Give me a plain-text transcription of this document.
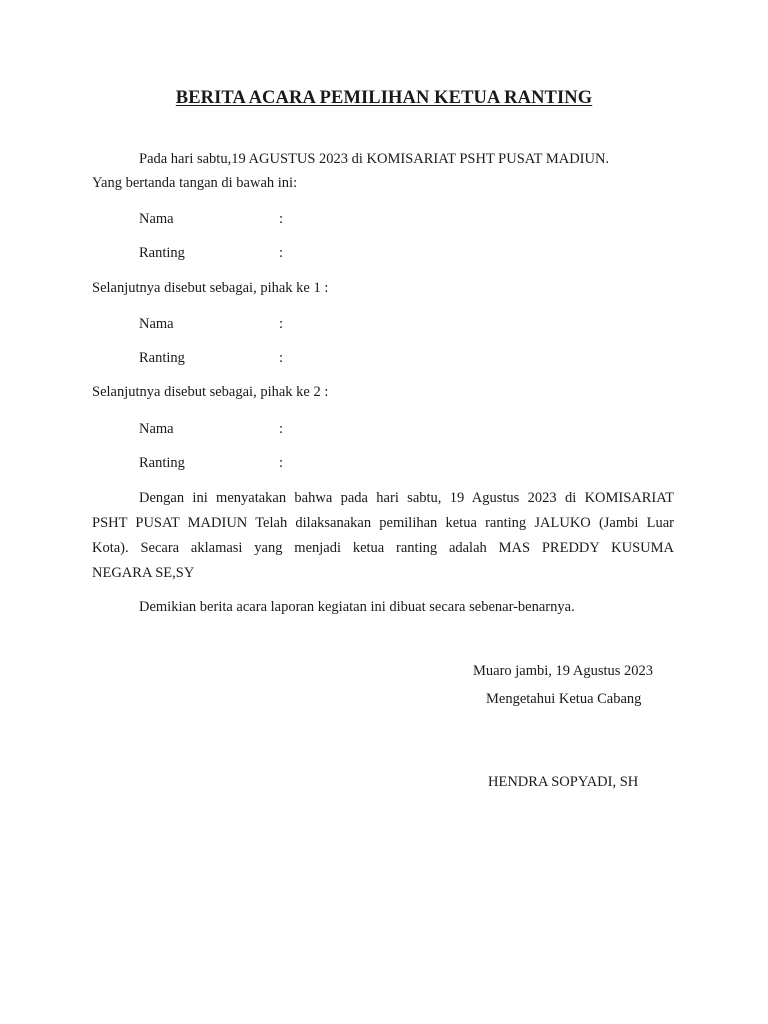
BERITA ACARA PEMILIHAN KETUA RANTING
Pada hari sabtu,19 AGUSTUS 2023 di KOMISARIAT PSHT PUSAT MADIUN.
Yang bertanda tangan di bawah ini:
Nama	:
Ranting	:
Selanjutnya disebut sebagai, pihak ke 1 :
Nama	:
Ranting	:
Selanjutnya disebut sebagai, pihak ke 2 :
Nama	:
Ranting	:
Dengan ini menyatakan bahwa pada hari sabtu, 19 Agustus 2023 di KOMISARIAT
PSHT PUSAT MADIUN Telah dilaksanakan pemilihan ketua ranting JALUKO (Jambi Luar
Kota). Secara aklamasi yang menjadi ketua ranting adalah MAS PREDDY KUSUMA
NEGARA SE,SY
Demikian berita acara laporan kegiatan ini dibuat secara sebenar-benarnya.
Muaro jambi, 19 Agustus 2023
Mengetahui Ketua Cabang
HENDRA SOPYADI, SH
